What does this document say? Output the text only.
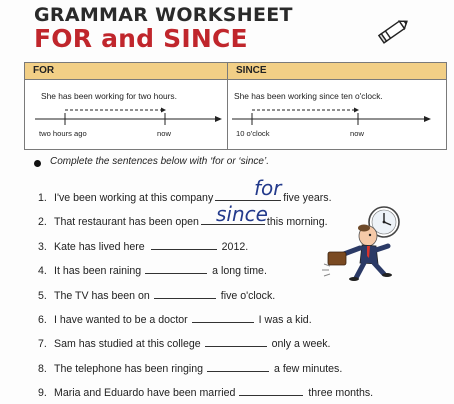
GRAMMAR WORKSHEET
FOR and SINCE
FOR
She has been working for two hours.
two hours ago	now
SINCE
She has been working since ten o'clock.
10 o'clock	now
Complete the sentences below with ‘for or ‘since’.
1. I've been working at this company	five years.
for
2. That restaurant has been open	this morning.
since
3. Kate has lived here	2012.
4. It has been raining	a long time.
5. The TV has been on	five o'clock.
6. I have wanted to be a doctor	I was a kid.
7. Sam has studied at this college	only a week.
8. The telephone has been ringing	a few minutes.
9. Maria and Eduardo have been married	three months.
